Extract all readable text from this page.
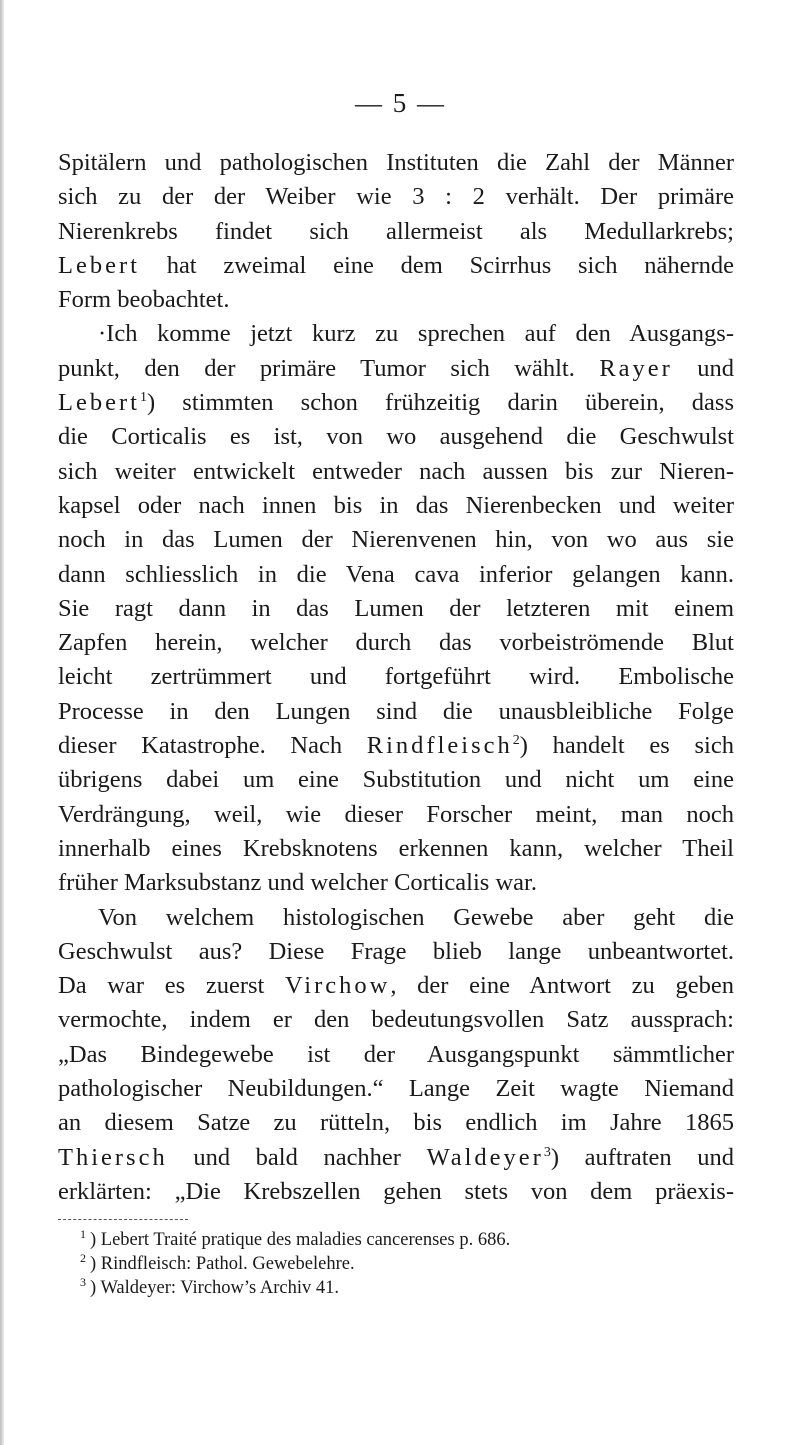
— 5 —
Spitälern und pathologischen Instituten die Zahl der Männer
sich zu der der Weiber wie 3 : 2 verhält. Der primäre
Nierenkrebs findet sich allermeist als Medullarkrebs;
Lebert hat zweimal eine dem Scirrhus sich nähernde
Form beobachtet.
·Ich komme jetzt kurz zu sprechen auf den Ausgangs-
punkt, den der primäre Tumor sich wählt. Rayer und
Lebert$^1$) stimmten schon frühzeitig darin überein, dass
die Corticalis es ist, von wo ausgehend die Geschwulst
sich weiter entwickelt entweder nach aussen bis zur Nieren-
kapsel oder nach innen bis in das Nierenbecken und weiter
noch in das Lumen der Nierenvenen hin, von wo aus sie
dann schliesslich in die Vena cava inferior gelangen kann.
Sie ragt dann in das Lumen der letzteren mit einem
Zapfen herein, welcher durch das vorbeiströmende Blut
leicht zertrümmert und fortgeführt wird. Embolische
Processe in den Lungen sind die unausbleibliche Folge
dieser Katastrophe. Nach Rindfleisch$^2$) handelt es sich
übrigens dabei um eine Substitution und nicht um eine
Verdrängung, weil, wie dieser Forscher meint, man noch
innerhalb eines Krebsknotens erkennen kann, welcher Theil
früher Marksubstanz und welcher Corticalis war.
Von welchem histologischen Gewebe aber geht die
Geschwulst aus? Diese Frage blieb lange unbeantwortet.
Da war es zuerst Virchow, der eine Antwort zu geben
vermochte, indem er den bedeutungsvollen Satz aussprach:
„Das Bindegewebe ist der Ausgangspunkt sämmtlicher
pathologischer Neubildungen.“ Lange Zeit wagte Niemand
an diesem Satze zu rütteln, bis endlich im Jahre 1865
Thiersch und bald nachher Waldeyer$^3$) auftraten und
erklärten: „Die Krebszellen gehen stets von dem präexis-
$^1$ ) Lebert Traité pratique des maladies cancerenses p. 686.
$^2$ ) Rindfleisch: Pathol. Gewebelehre.
$^3$ ) Waldeyer: Virchow’s Archiv 41.
